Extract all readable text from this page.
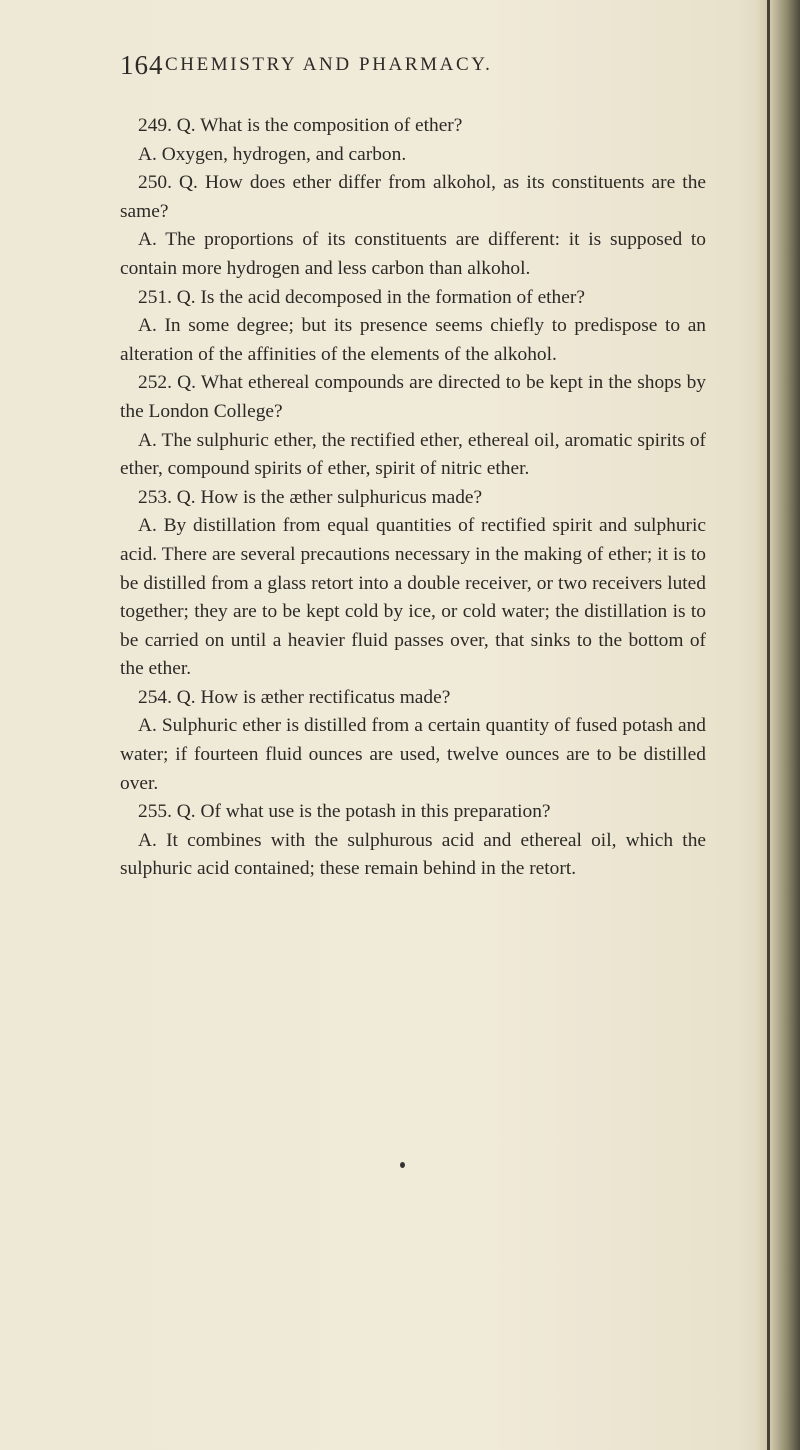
164 CHEMISTRY AND PHARMACY.

249. Q. What is the composition of ether?

A. Oxygen, hydrogen, and carbon.

250. Q. How does ether differ from alkohol, as its constituents are the same?

A. The proportions of its constituents are different: it is supposed to contain more hydrogen and less carbon than alkohol.

251. Q. Is the acid decomposed in the formation of ether?

A. In some degree; but its presence seems chiefly to predispose to an alteration of the affinities of the elements of the alkohol.

252. Q. What ethereal compounds are directed to be kept in the shops by the London College?

A. The sulphuric ether, the rectified ether, ethereal oil, aromatic spirits of ether, compound spirits of ether, spirit of nitric ether.

253. Q. How is the æther sulphuricus made?

A. By distillation from equal quantities of rectified spirit and sulphuric acid. There are several precautions necessary in the making of ether; it is to be distilled from a glass retort into a double receiver, or two receivers luted together; they are to be kept cold by ice, or cold water; the distillation is to be carried on until a heavier fluid passes over, that sinks to the bottom of the ether.

254. Q. How is æther rectificatus made?

A. Sulphuric ether is distilled from a certain quantity of fused potash and water; if fourteen fluid ounces are used, twelve ounces are to be distilled over.

255. Q. Of what use is the potash in this preparation?

A. It combines with the sulphurous acid and ethereal oil, which the sulphuric acid contained; these remain behind in the retort.
